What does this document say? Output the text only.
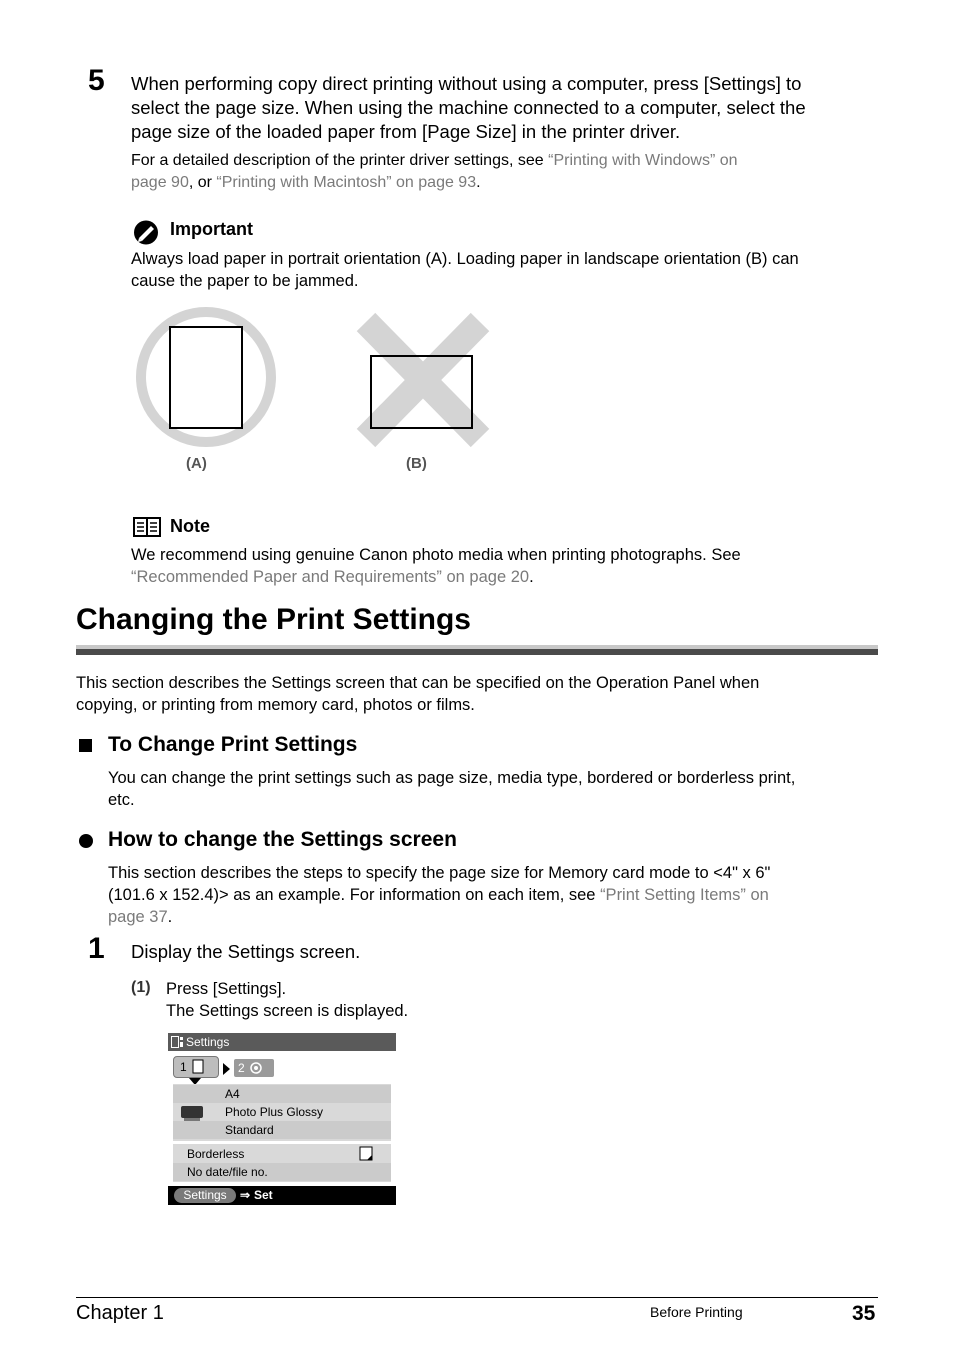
5 When performing copy direct printing without using a computer, press [Settings] to
select the page size. When using the machine connected to a computer, select the
page size of the loaded paper from [Page Size] in the printer driver.
For a detailed description of the printer driver settings, see “Printing with Windows” on
page 90, or “Printing with Macintosh” on page 93.
Important
Always load paper in portrait orientation (A). Loading paper in landscape orientation (B) can
cause the paper to be jammed.
(A)	(B)
Note
We recommend using genuine Canon photo media when printing photographs. See
“Recommended Paper and Requirements” on page 20.
Changing the Print Settings
This section describes the Settings screen that can be specified on the Operation Panel when
copying, or printing from memory card, photos or films.
To Change Print Settings
You can change the print settings such as page size, media type, bordered or borderless print,
etc.
How to change the Settings screen
This section describes the steps to specify the page size for Memory card mode to <4" x 6"
(101.6 x 152.4)> as an example. For information on each item, see “Print Setting Items” on
page 37.
1 Display the Settings screen.
(1) Press [Settings].
The Settings screen is displayed.
Settings
1	2
A4
Photo Plus Glossy
Standard
Borderless
No date/file no.
Settings	⇒ Set
Chapter 1	Before Printing	35
